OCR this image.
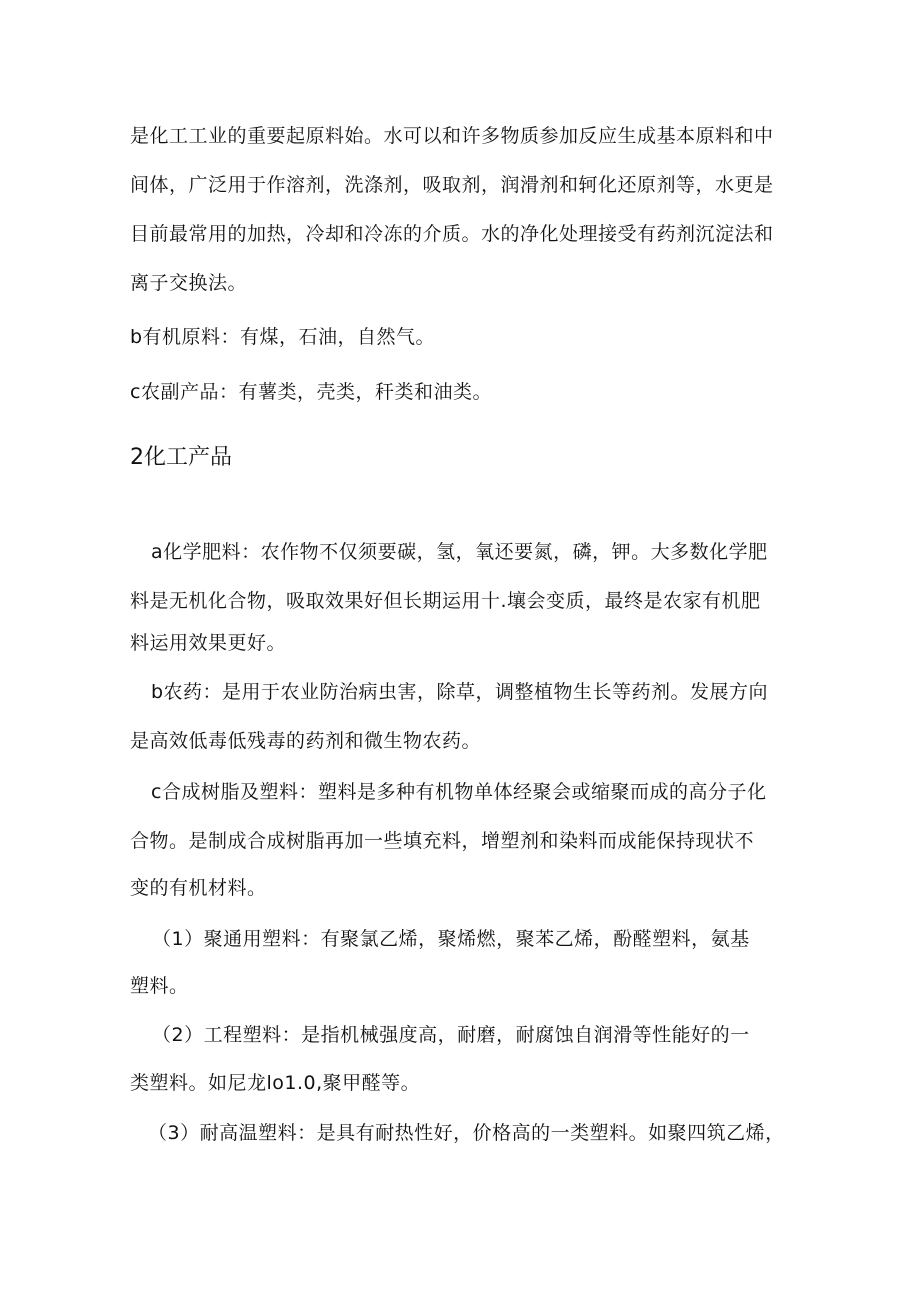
是化工工业的重要起原料始。水可以和许多物质参加反应生成基本原料和中
间体，广泛用于作溶剂，洗涤剂，吸取剂，润滑剂和轲化还原剂等，水更是
目前最常用的加热，冷却和冷冻的介质。水的净化处理接受有药剂沉淀法和
离子交换法。
b有机原料：有煤，石油，自然气。
c农副产品：有薯类，壳类，秆类和油类。
2化工产品
a化学肥料：农作物不仅须要碳，氢，氧还要氮，磷，钾。大多数化学肥
料是无机化合物，吸取效果好但长期运用十.壤会变质，最终是农家有机肥
料运用效果更好。
b农药：是用于农业防治病虫害，除草，调整植物生长等药剂。发展方向
是高效低毒低残毒的药剂和微生物农药。
c合成树脂及塑料：塑料是多种有机物单体经聚会或缩聚而成的高分子化
合物。是制成合成树脂再加一些填充料，增塑剂和染料而成能保持现状不
变的有机材料。
（1）聚通用塑料：有聚氯乙烯，聚烯燃，聚苯乙烯，酚醛塑料，氨基
塑料。
（2）工程塑料：是指机械强度高，耐磨，耐腐蚀自润滑等性能好的一
类塑料。如尼龙lo1.0,聚甲醛等。
（3）耐高温塑料：是具有耐热性好，价格高的一类塑料。如聚四筑乙烯，
